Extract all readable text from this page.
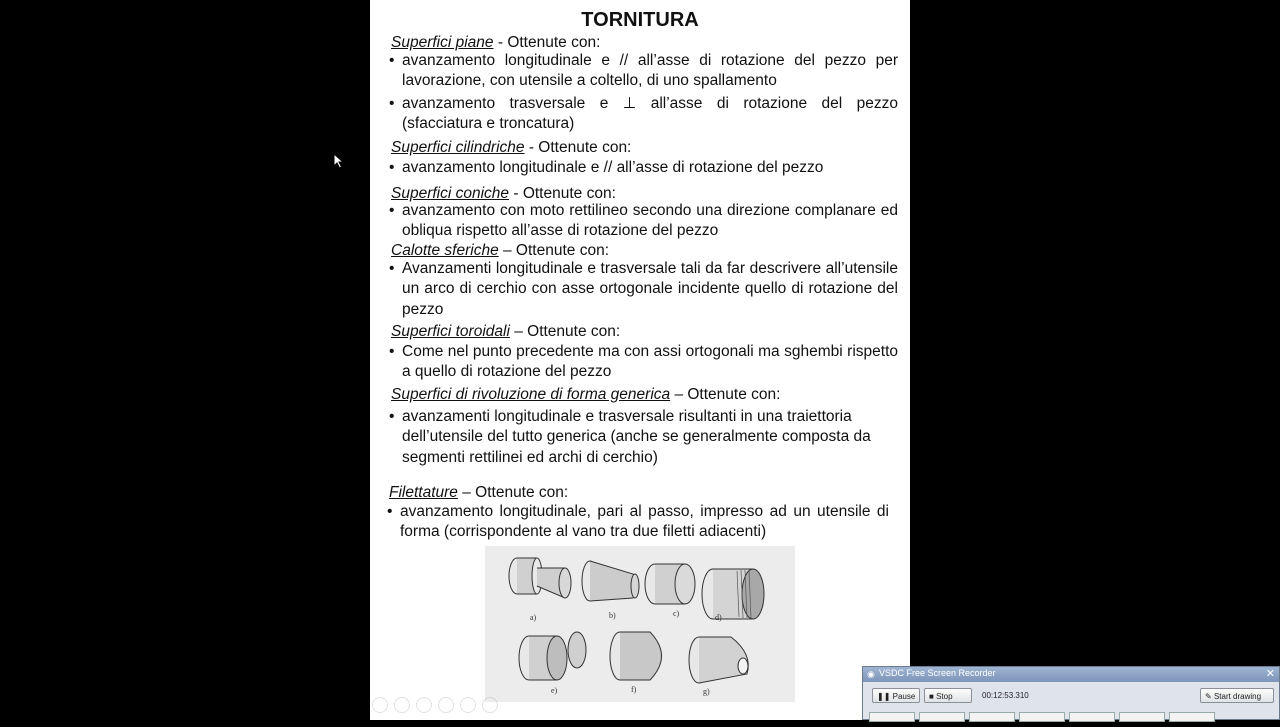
TORNITURA
Superfici piane - Ottenute con:
• avanzamento longitudinale e // all’asse di rotazione del pezzo per lavorazione, con utensile a coltello, di uno spallamento
• avanzamento trasversale e ⊥ all’asse di rotazione del pezzo (sfacciatura e troncatura)
Superfici cilindriche - Ottenute con:
• avanzamento longitudinale e // all’asse di rotazione del pezzo
Superfici coniche - Ottenute con:
• avanzamento con moto rettilineo secondo una direzione complanare ed obliqua rispetto all’asse di rotazione del pezzo
Calotte sferiche – Ottenute con:
• Avanzamenti longitudinale e trasversale tali da far descrivere all’utensile un arco di cerchio con asse ortogonale incidente quello di rotazione del pezzo
Superfici toroidali – Ottenute con:
• Come nel punto precedente ma con assi ortogonali ma sghembi rispetto a quello di rotazione del pezzo
Superfici di rivoluzione di forma generica – Ottenute con:
• avanzamenti longitudinale e trasversale risultanti in una traiettoria dell’utensile del tutto generica (anche se generalmente composta da segmenti rettilinei ed archi di cerchio)
Filettature – Ottenute con:
• avanzamento longitudinale, pari al passo, impresso ad un utensile di forma (corrispondente al vano tra due filetti adiacenti)
a)	b)	c)	d)
e)	f)	g)
◉ VSDC Free Screen Recorder	✕
❚❚ Pause	■ Stop	00:12:53.310	✎ Start drawing
